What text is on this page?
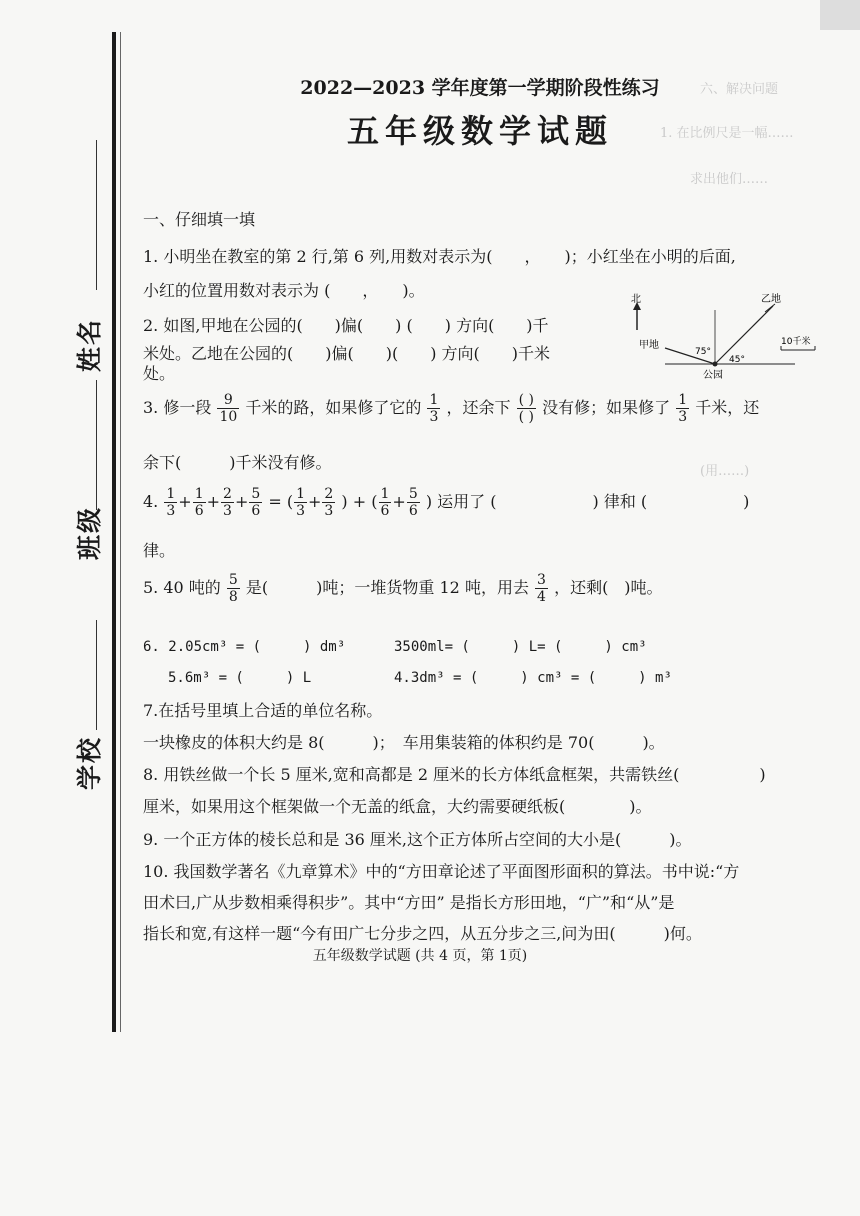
六、解决问题
1. 在比例尺是一幅……
求出他们……
(用……)
姓名
班级
学校
2022—2023 学年度第一学期阶段性练习
五年级数学试题
一、仔细填一填
1. 小明坐在教室的第 2 行,第 6 列,用数对表示为(　　，　　)；小红坐在小明的后面,
小红的位置用数对表示为 (　　，　　)。
2. 如图,甲地在公园的(　　)偏(　　) (　　) 方向(　　)千
米处。乙地在公园的(　　)偏(　　)(　　) 方向(　　)千米
处。
北
甲地
乙地
75°
45°
公园
10千米
3. 修一段 $\frac{9}{10}$ 千米的路，如果修了它的 $\frac{1}{3}$ ，还余下 $\frac{( )}{( )}$ 没有修；如果修了 $\frac{1}{3}$ 千米，还
余下(　　　)千米没有修。
4. $\frac{1}{3} + \frac{1}{6} + \frac{2}{3} + \frac{5}{6}$ = ( $\frac{1}{3} + \frac{2}{3}$ ) + ( $\frac{1}{6} + \frac{5}{6}$ ) 运用了 (　　　　　　) 律和 (　　　　　　)
律。
5. 40 吨的 $\frac{5}{8}$ 是(　　　)吨；一堆货物重 12 吨，用去 $\frac{3}{4}$ ，还剩(　)吨。
6. 2.05cm³ = (　　　) dm³	3500ml= (　　　) L= (　　　) cm³
5.6m³ = (　　　) L	4.3dm³ = (　　　) cm³ = (　　　) m³
7.在括号里填上合适的单位名称。
一块橡皮的体积大约是 8(　　　)；　车用集装箱的体积约是 70(　　　)。
8. 用铁丝做一个长 5 厘米,宽和高都是 2 厘米的长方体纸盒框架，共需铁丝(　　　　　)
厘米，如果用这个框架做一个无盖的纸盒，大约需要硬纸板(　　　　)。
9. 一个正方体的棱长总和是 36 厘米,这个正方体所占空间的大小是(　　　)。
10. 我国数学著名《九章算术》中的“方田章论述了平面图形面积的算法。书中说:“方
田术曰,广从步数相乘得积步”。其中“方田” 是指长方形田地，“广”和“从”是
指长和宽,有这样一题“今有田广七分步之四，从五分步之三,问为田(　　　)何。
五年级数学试题 (共 4 页，第 1页)
